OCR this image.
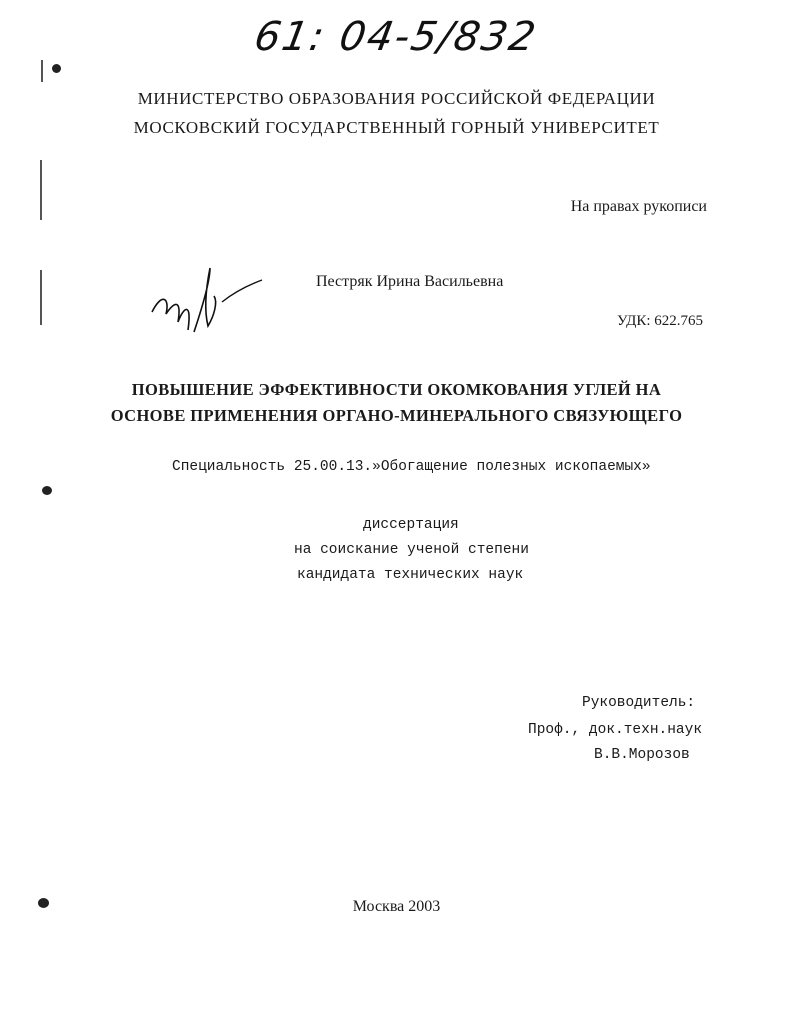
61: 04-5/832
МИНИСТЕРСТВО ОБРАЗОВАНИЯ РОССИЙСКОЙ ФЕДЕРАЦИИ
МОСКОВСКИЙ ГОСУДАРСТВЕННЫЙ ГОРНЫЙ УНИВЕРСИТЕТ
На правах рукописи
Пестряк Ирина Васильевна
УДК: 622.765
ПОВЫШЕНИЕ ЭФФЕКТИВНОСТИ ОКОМКОВАНИЯ УГЛЕЙ НА
ОСНОВЕ ПРИМЕНЕНИЯ ОРГАНО-МИНЕРАЛЬНОГО СВЯЗУЮЩЕГО
Специальность 25.00.13.»Обогащение полезных ископаемых»
диссертация
на соискание ученой степени
кандидата технических наук
Руководитель:
Проф., док.техн.наук
В.В.Морозов
Москва 2003
